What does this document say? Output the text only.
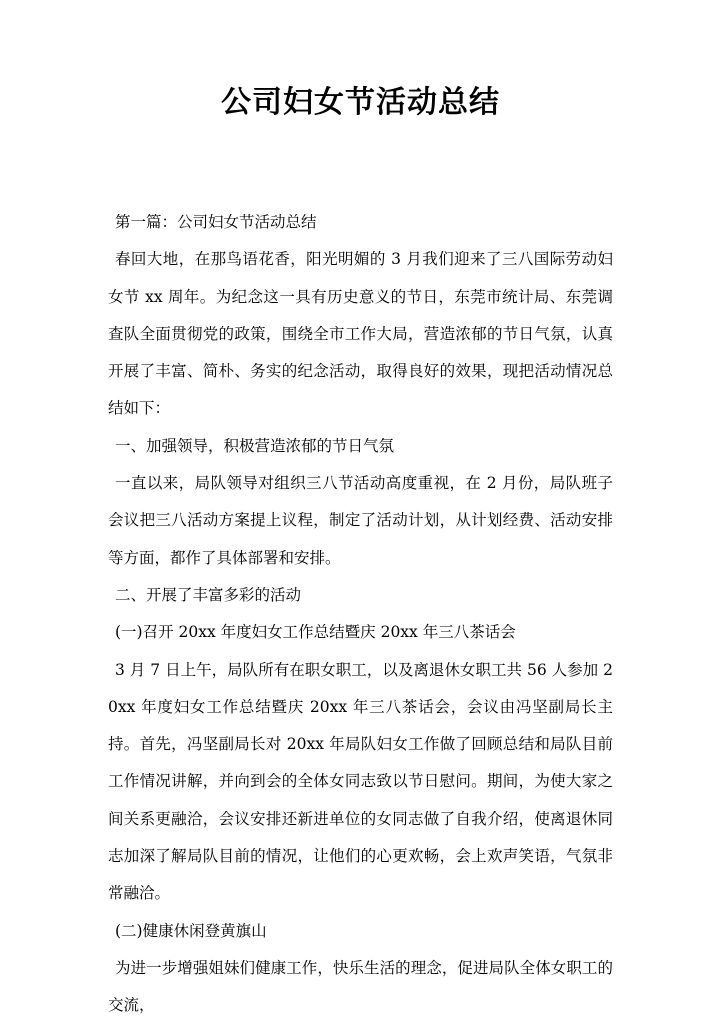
公司妇女节活动总结

第一篇：公司妇女节活动总结

春回大地，在那鸟语花香，阳光明媚的 3 月我们迎来了三八国际劳动妇女节 xx 周年。为纪念这一具有历史意义的节日，东莞市统计局、东莞调查队全面贯彻党的政策，围绕全市工作大局，营造浓郁的节日气氛，认真开展了丰富、简朴、务实的纪念活动，取得良好的效果，现把活动情况总结如下：

一、加强领导，积极营造浓郁的节日气氛

一直以来，局队领导对组织三八节活动高度重视，在 2 月份，局队班子会议把三八活动方案提上议程，制定了活动计划，从计划经费、活动安排等方面，都作了具体部署和安排。

二、开展了丰富多彩的活动

(一)召开 20xx 年度妇女工作总结暨庆 20xx 年三八茶话会

3 月 7 日上午，局队所有在职女职工，以及离退休女职工共 56 人参加 20xx 年度妇女工作总结暨庆 20xx 年三八茶话会，会议由冯坚副局长主持。首先，冯坚副局长对 20xx 年局队妇女工作做了回顾总结和局队目前工作情况讲解，并向到会的全体女同志致以节日慰问。期间，为使大家之间关系更融洽，会议安排还新进单位的女同志做了自我介绍，使离退休同志加深了解局队目前的情况，让他们的心更欢畅，会上欢声笑语，气氛非常融洽。

(二)健康休闲登黄旗山

为进一步增强姐妹们健康工作，快乐生活的理念，促进局队全体女职工的交流，
